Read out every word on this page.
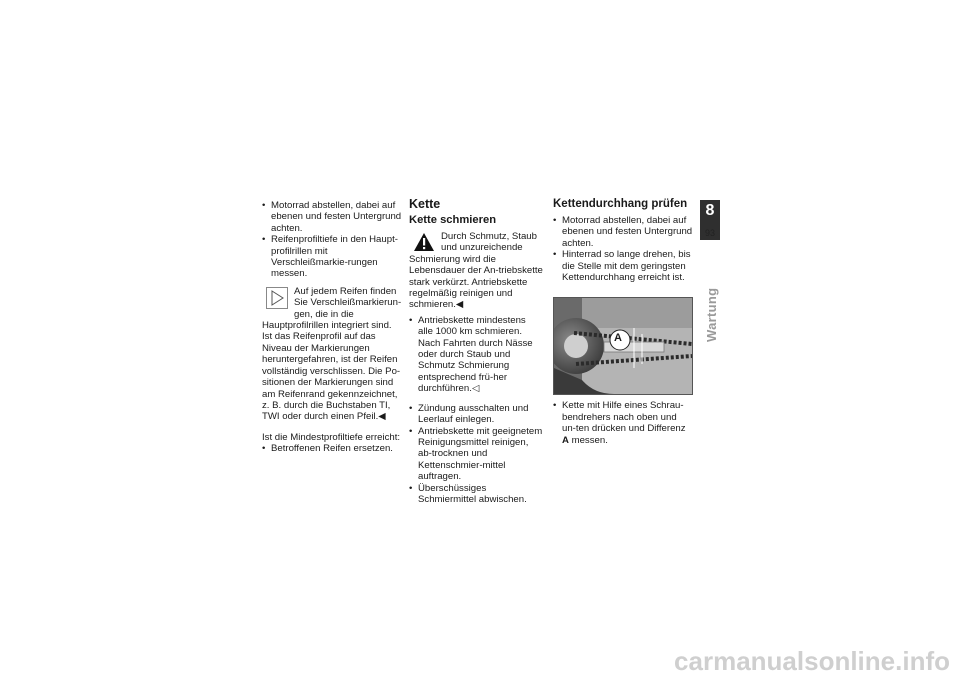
• Motorrad abstellen, dabei auf ebenen und festen Untergrund achten.
• Reifenprofiltiefe in den Haupt-profilrillen mit Verschleißmarkie-rungen messen.
Auf jedem Reifen finden Sie Verschleißmarkierun-gen, die in die Hauptprofilrillen integriert sind. Ist das Reifenprofil auf das Niveau der Markierungen heruntergefahren, ist der Reifen vollständig verschlissen. Die Po-sitionen der Markierungen sind am Reifenrand gekennzeichnet, z. B. durch die Buchstaben TI, TWI oder durch einen Pfeil.◀

Ist die Mindestprofiltiefe erreicht:

• Betroffenen Reifen ersetzen.
Kette
Kette schmieren
Durch Schmutz, Staub und unzureichende Schmierung wird die Lebensdauer der An-triebskette stark verkürzt. Antriebskette regelmäßig reinigen und schmieren.◀
• Antriebskette mindestens alle 1000 km schmieren. Nach Fahrten durch Nässe oder durch Staub und Schmutz Schmierung entsprechend frü-her durchführen.◁
• Zündung ausschalten und Leerlauf einlegen.
• Antriebskette mit geeignetem Reinigungsmittel reinigen, ab-trocknen und Kettenschmier-mittel auftragen.
• Überschüssiges Schmiermittel abwischen.
Kettendurchhang prüfen
• Motorrad abstellen, dabei auf ebenen und festen Untergrund achten.
• Hinterrad so lange drehen, bis die Stelle mit dem geringsten Kettendurchhang erreicht ist.
A
• Kette mit Hilfe eines Schrau-bendrehers nach oben und un-ten drücken und Differenz A messen.
8
93
Wartung
carmanualsonline.info
